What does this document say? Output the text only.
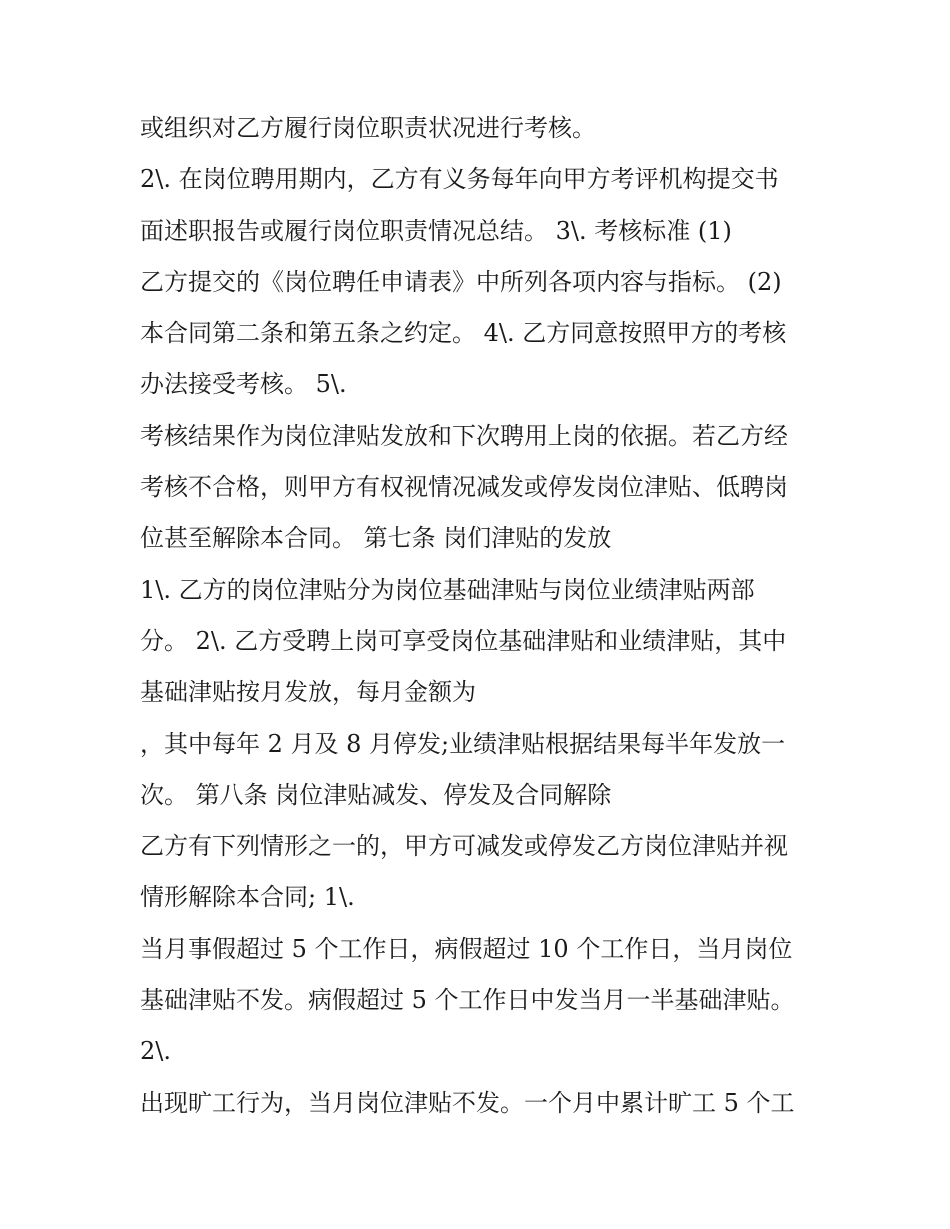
或组织对乙方履行岗位职责状况进行考核。
2\. 在岗位聘用期内，乙方有义务每年向甲方考评机构提交书
面述职报告或履行岗位职责情况总结。 3\. 考核标准 (1)
乙方提交的《岗位聘任申请表》中所列各项内容与指标。 (2)
本合同第二条和第五条之约定。 4\. 乙方同意按照甲方的考核
办法接受考核。 5\.
考核结果作为岗位津贴发放和下次聘用上岗的依据。若乙方经
考核不合格，则甲方有权视情况减发或停发岗位津贴、低聘岗
位甚至解除本合同。 第七条 岗们津贴的发放
1\. 乙方的岗位津贴分为岗位基础津贴与岗位业绩津贴两部
分。 2\. 乙方受聘上岗可享受岗位基础津贴和业绩津贴，其中
基础津贴按月发放，每月金额为
，其中每年 2 月及 8 月停发;业绩津贴根据结果每半年发放一
次。 第八条 岗位津贴减发、停发及合同解除
乙方有下列情形之一的，甲方可减发或停发乙方岗位津贴并视
情形解除本合同; 1\.
当月事假超过 5 个工作日，病假超过 10 个工作日，当月岗位
基础津贴不发。病假超过 5 个工作日中发当月一半基础津贴。
2\.
出现旷工行为，当月岗位津贴不发。一个月中累计旷工 5 个工
